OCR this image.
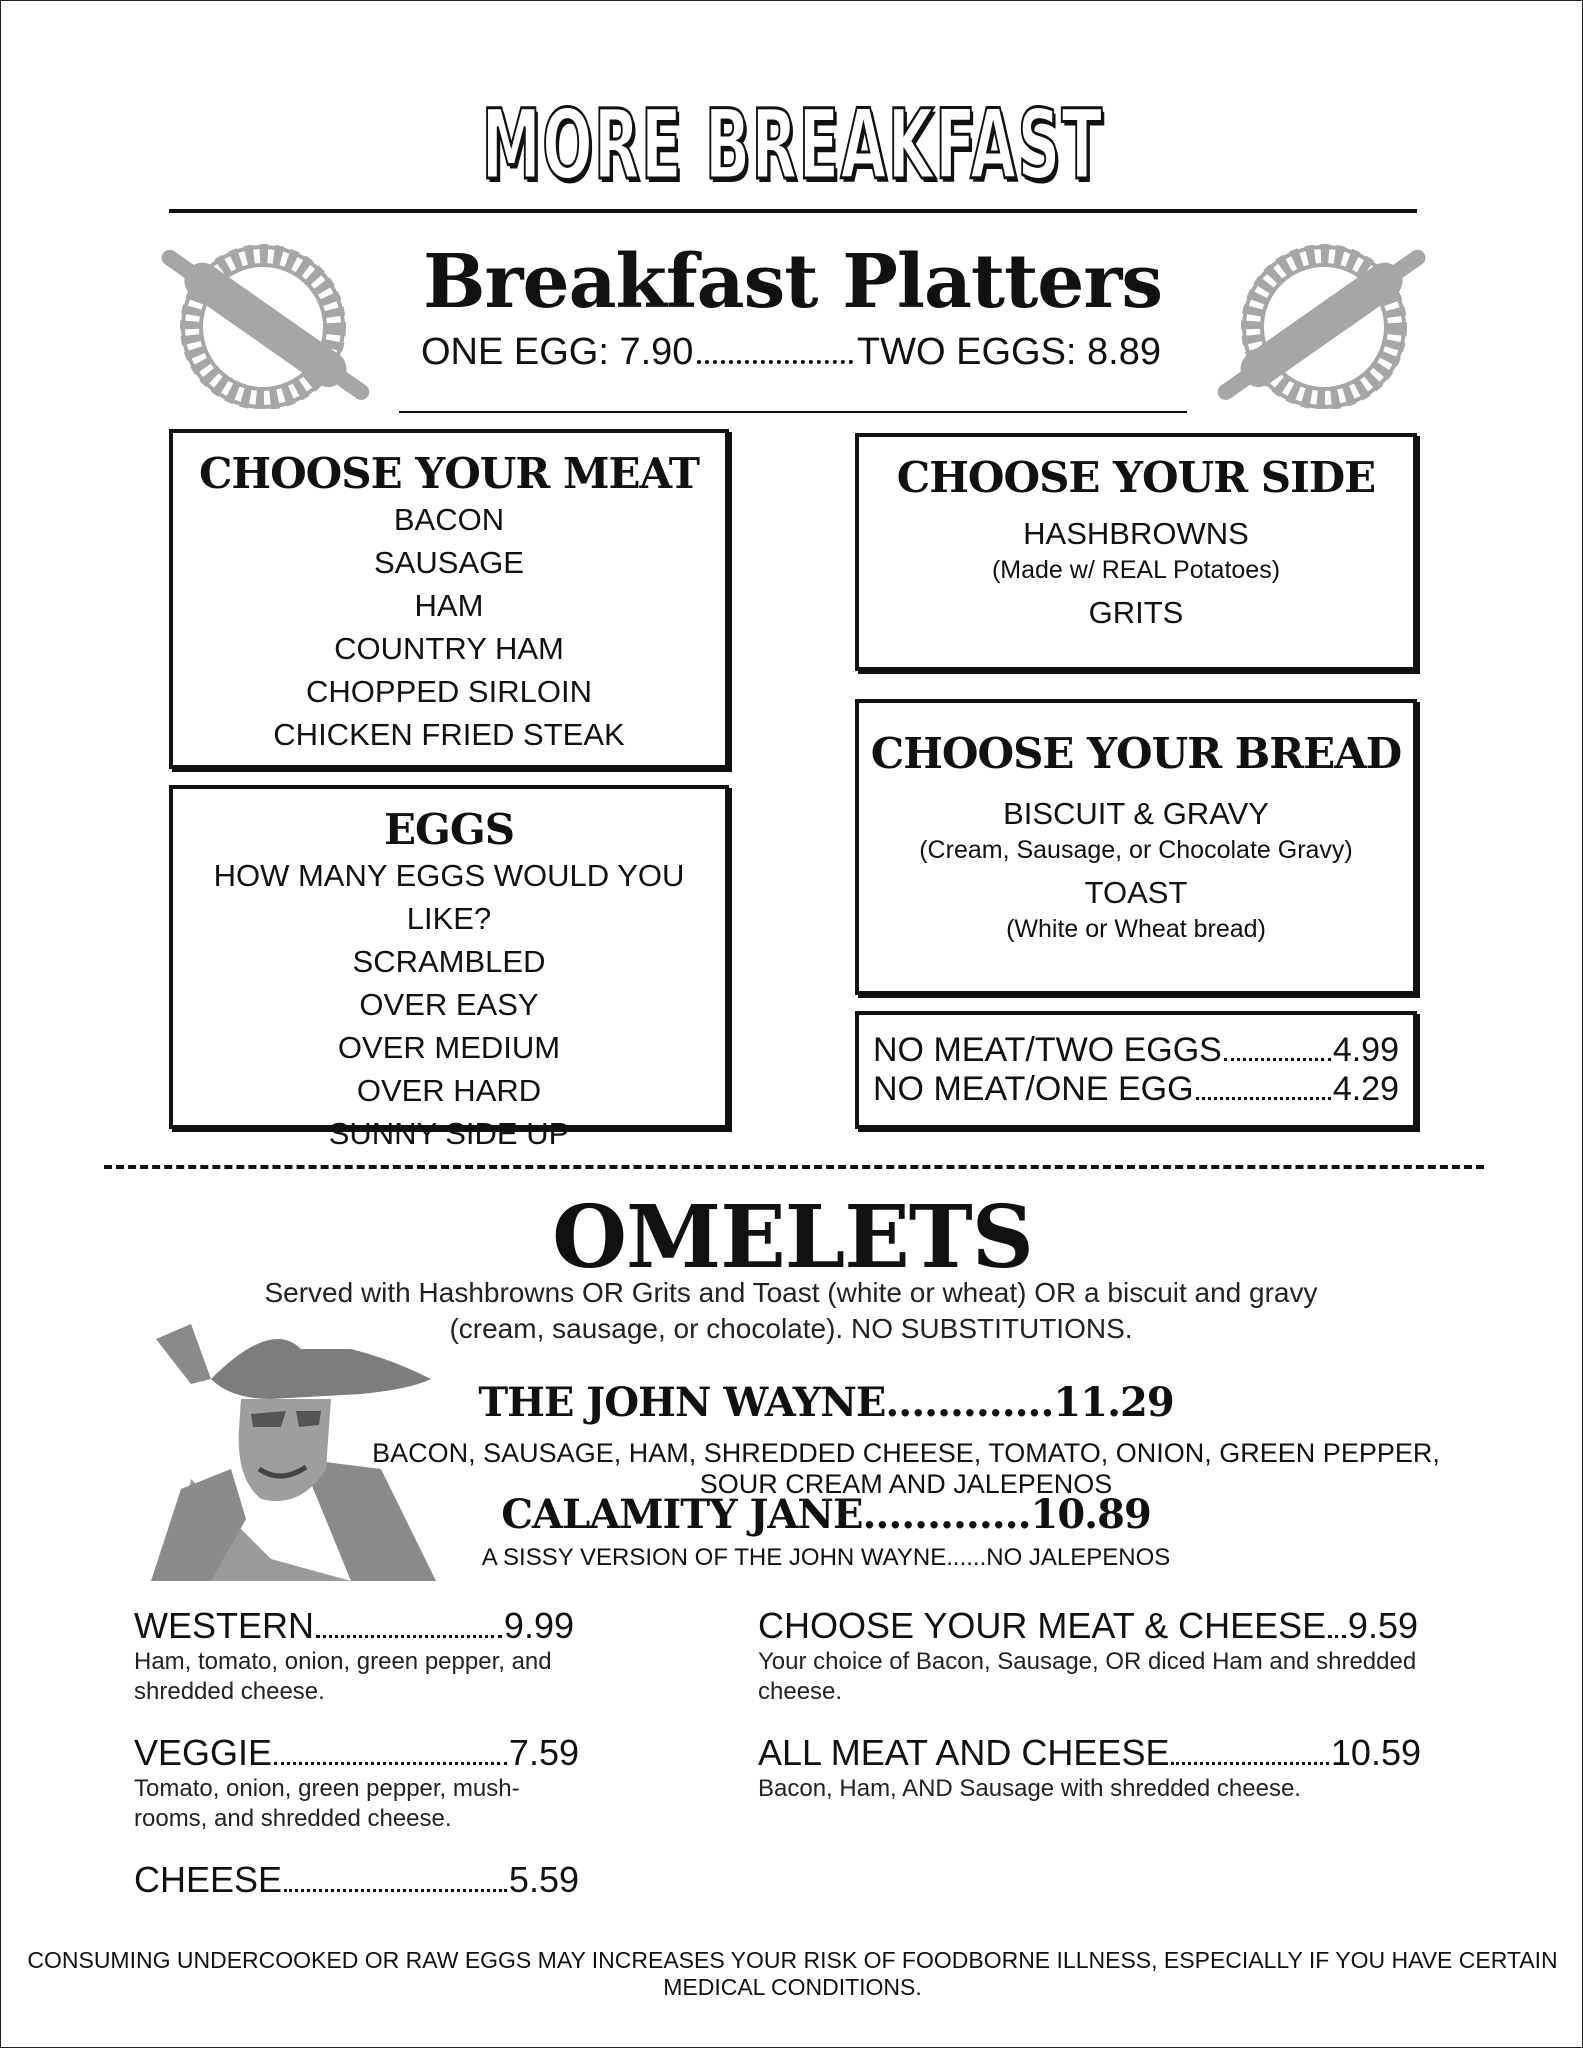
MORE BREAKFAST
Breakfast Platters
ONE EGG: 7.90	TWO EGGS: 8.89
CHOOSE YOUR MEAT
BACON
SAUSAGE
HAM
COUNTRY HAM
CHOPPED SIRLOIN
CHICKEN FRIED STEAK
EGGS
HOW MANY EGGS WOULD YOU LIKE?
SCRAMBLED
OVER EASY
OVER MEDIUM
OVER HARD
SUNNY SIDE UP
CHOOSE YOUR SIDE
HASHBROWNS
(Made w/ REAL Potatoes)
GRITS
CHOOSE YOUR BREAD
BISCUIT & GRAVY
(Cream, Sausage, or Chocolate Gravy)
TOAST
(White or Wheat bread)
NO MEAT/TWO EGGS	4.99
NO MEAT/ONE EGG	4.29
OMELETS
Served with Hashbrowns OR Grits and Toast (white or wheat) OR a biscuit and gravy
(cream, sausage, or chocolate). NO SUBSTITUTIONS.
THE JOHN WAYNE.............11.29
BACON, SAUSAGE, HAM, SHREDDED CHEESE, TOMATO, ONION, GREEN PEPPER, SOUR CREAM AND JALEPENOS
CALAMITY JANE.............10.89
A SISSY VERSION OF THE JOHN WAYNE......NO JALEPENOS
WESTERN	9.99
Ham, tomato, onion, green pepper, and shredded cheese.
VEGGIE	7.59
Tomato, onion, green pepper, mush-rooms, and shredded cheese.
CHEESE	5.59
CHOOSE YOUR MEAT & CHEESE 9.59
Your choice of Bacon, Sausage, OR diced Ham and shredded cheese.
ALL MEAT AND CHEESE	10.59
Bacon, Ham, AND Sausage with shredded cheese.
CONSUMING UNDERCOOKED OR RAW EGGS MAY INCREASES YOUR RISK OF FOODBORNE ILLNESS, ESPECIALLY IF YOU HAVE CERTAIN MEDICAL CONDITIONS.
